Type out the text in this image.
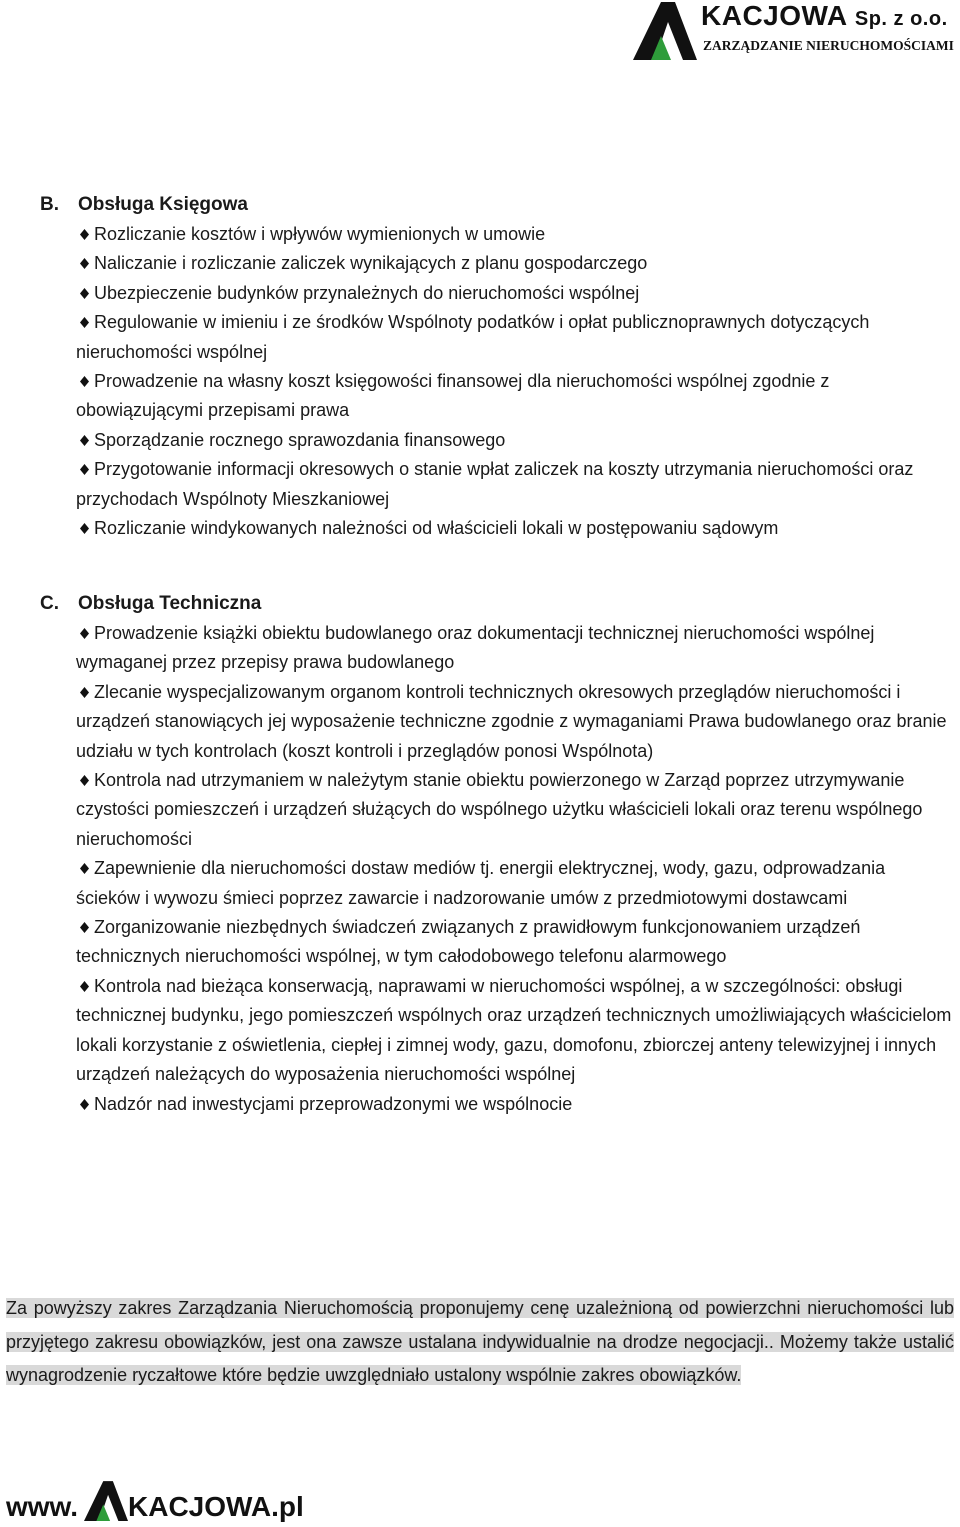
KACJOWA Sp. z o.o.
ZARZĄDZANIE NIERUCHOMOŚCIAMI
B. Obsługa Księgowa
Rozliczanie kosztów i wpływów wymienionych w umowie
Naliczanie i rozliczanie zaliczek wynikających z planu gospodarczego
Ubezpieczenie budynków przynależnych do nieruchomości wspólnej
Regulowanie w imieniu i ze środków Wspólnoty podatków i opłat publicznoprawnych dotyczących nieruchomości wspólnej
Prowadzenie na własny koszt księgowości finansowej dla nieruchomości wspólnej zgodnie z obowiązującymi przepisami prawa
Sporządzanie rocznego sprawozdania finansowego
Przygotowanie informacji okresowych o stanie wpłat zaliczek na koszty utrzymania nieruchomości oraz przychodach Wspólnoty Mieszkaniowej
Rozliczanie windykowanych należności od właścicieli lokali w postępowaniu sądowym
C. Obsługa Techniczna
Prowadzenie książki obiektu budowlanego oraz dokumentacji technicznej nieruchomości wspólnej wymaganej przez przepisy prawa budowlanego
Zlecanie wyspecjalizowanym organom kontroli technicznych okresowych przeglądów nieruchomości i urządzeń stanowiących jej wyposażenie techniczne zgodnie z wymaganiami Prawa budowlanego oraz branie udziału w tych kontrolach (koszt kontroli i przeglądów ponosi Wspólnota)
Kontrola nad utrzymaniem w należytym stanie obiektu powierzonego w Zarząd poprzez utrzymywanie czystości pomieszczeń i urządzeń służących do wspólnego użytku właścicieli lokali oraz terenu wspólnego nieruchomości
Zapewnienie dla nieruchomości dostaw mediów tj. energii elektrycznej, wody, gazu, odprowadzania ścieków i wywozu śmieci poprzez zawarcie i nadzorowanie umów z przedmiotowymi dostawcami
Zorganizowanie niezbędnych świadczeń związanych z prawidłowym funkcjonowaniem urządzeń technicznych nieruchomości wspólnej, w tym całodobowego telefonu alarmowego
Kontrola nad bieżąca konserwacją, naprawami w nieruchomości wspólnej, a w szczególności: obsługi technicznej budynku, jego pomieszczeń wspólnych oraz urządzeń technicznych umożliwiających właścicielom lokali korzystanie z oświetlenia, ciepłej i zimnej wody, gazu, domofonu, zbiorczej anteny telewizyjnej i innych urządzeń należących do wyposażenia nieruchomości wspólnej
Nadzór nad inwestycjami przeprowadzonymi we wspólnocie
Za powyższy zakres Zarządzania Nieruchomością proponujemy cenę uzależnioną od powierzchni nieruchomości lub przyjętego zakresu obowiązków, jest ona zawsze ustalana indywidualnie na drodze negocjacji.. Możemy także ustalić wynagrodzenie ryczałtowe które będzie uwzględniało ustalony wspólnie zakres obowiązków.
www. KACJOWA.pl
